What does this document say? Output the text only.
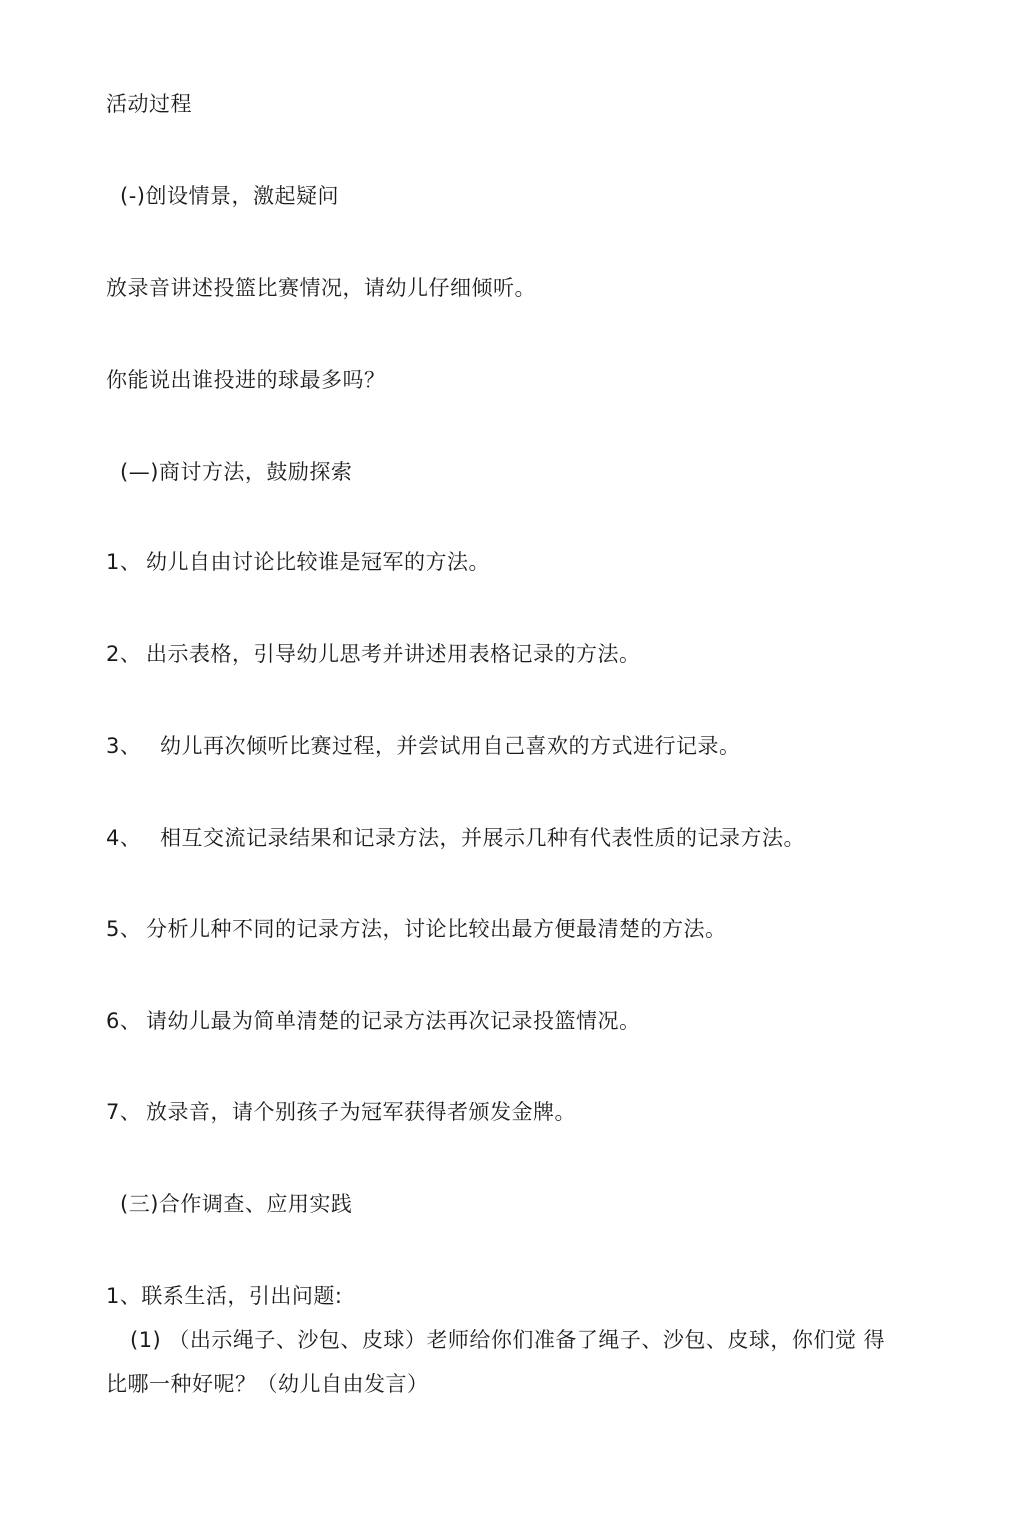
活动过程
(-)创设情景，激起疑问
放录音讲述投篮比赛情况，请幼儿仔细倾听。
你能说出谁投进的球最多吗？
(—)商讨方法，鼓励探索
1、 幼儿自由讨论比较谁是冠军的方法。
2、 出示表格，引导幼儿思考并讲述用表格记录的方法。
3、 幼儿再次倾听比赛过程，并尝试用自己喜欢的方式进行记录。
4、 相互交流记录结果和记录方法，并展示几种有代表性质的记录方法。
5、 分析儿种不同的记录方法，讨论比较出最方便最清楚的方法。
6、 请幼儿最为简单清楚的记录方法再次记录投篮情况。
7、 放录音，请个别孩子为冠军获得者颁发金牌。
(三)合作调查、应用实践
1、联系生活，引出问题:
(1) （出示绳子、沙包、皮球）老师给你们准备了绳子、沙包、皮球，你们觉 得
比哪一种好呢？（幼儿自由发言）
